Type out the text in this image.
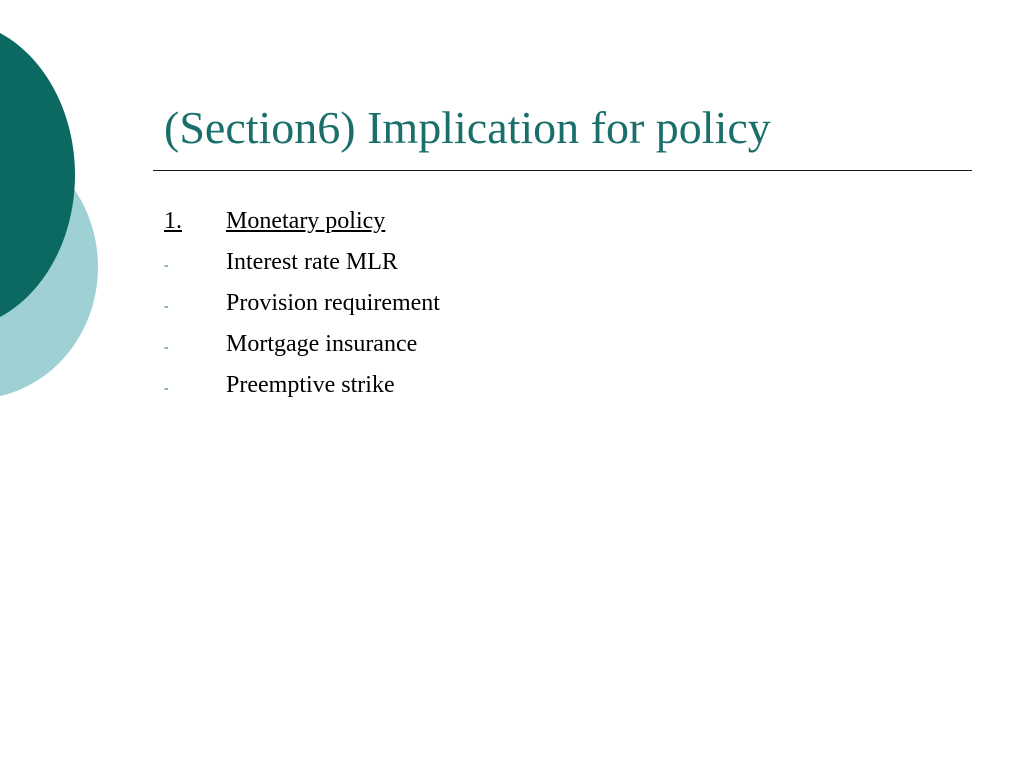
(Section6) Implication for policy
1.	Monetary policy
-	Interest rate MLR
-	Provision requirement
-	Mortgage insurance
-	Preemptive strike
